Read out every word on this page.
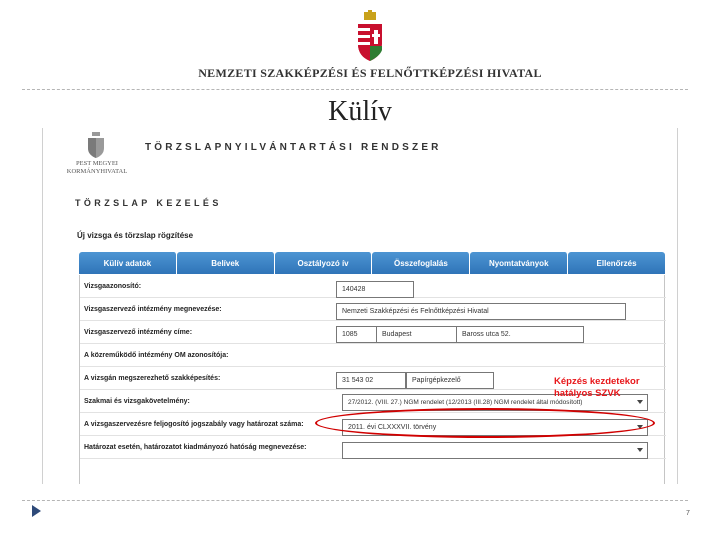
NEMZETI SZAKKÉPZÉSI ÉS FELNŐTTKÉPZÉSI HIVATAL
Külív
PEST MEGYEI
KORMÁNYHIVATAL
TÖRZSLAPNYILVÁNTARTÁSI RENDSZER
TÖRZSLAP KEZELÉS
Új vizsga és törzslap rögzítése
Külív adatok	Belívek	Osztályozó ív	Összefoglalás	Nyomtatványok	Ellenőrzés
Vizsgaazonosító:	140428
Vizsgaszervező intézmény megnevezése:	Nemzeti Szakképzési és Felnőttképzési Hivatal
Vizsgaszervező intézmény címe:	1085	Budapest	Baross utca 52.
A közreműködő intézmény OM azonosítója:
A vizsgán megszerezhető szakképesítés:	31 543 02	Papírgépkezelő
Szakmai és vizsgakövetelmény:	27/2012. (VIII. 27.) NGM rendelet (12/2013 (III.28) NGM rendelet által módosított)
A vizsgaszervezésre feljogosító jogszabály vagy határozat száma:	2011. évi CLXXXVII. törvény
Határozat esetén, határozatot kiadmányozó hatóság megnevezése:
Képzés kezdetekor
hatályos SZVK
7
